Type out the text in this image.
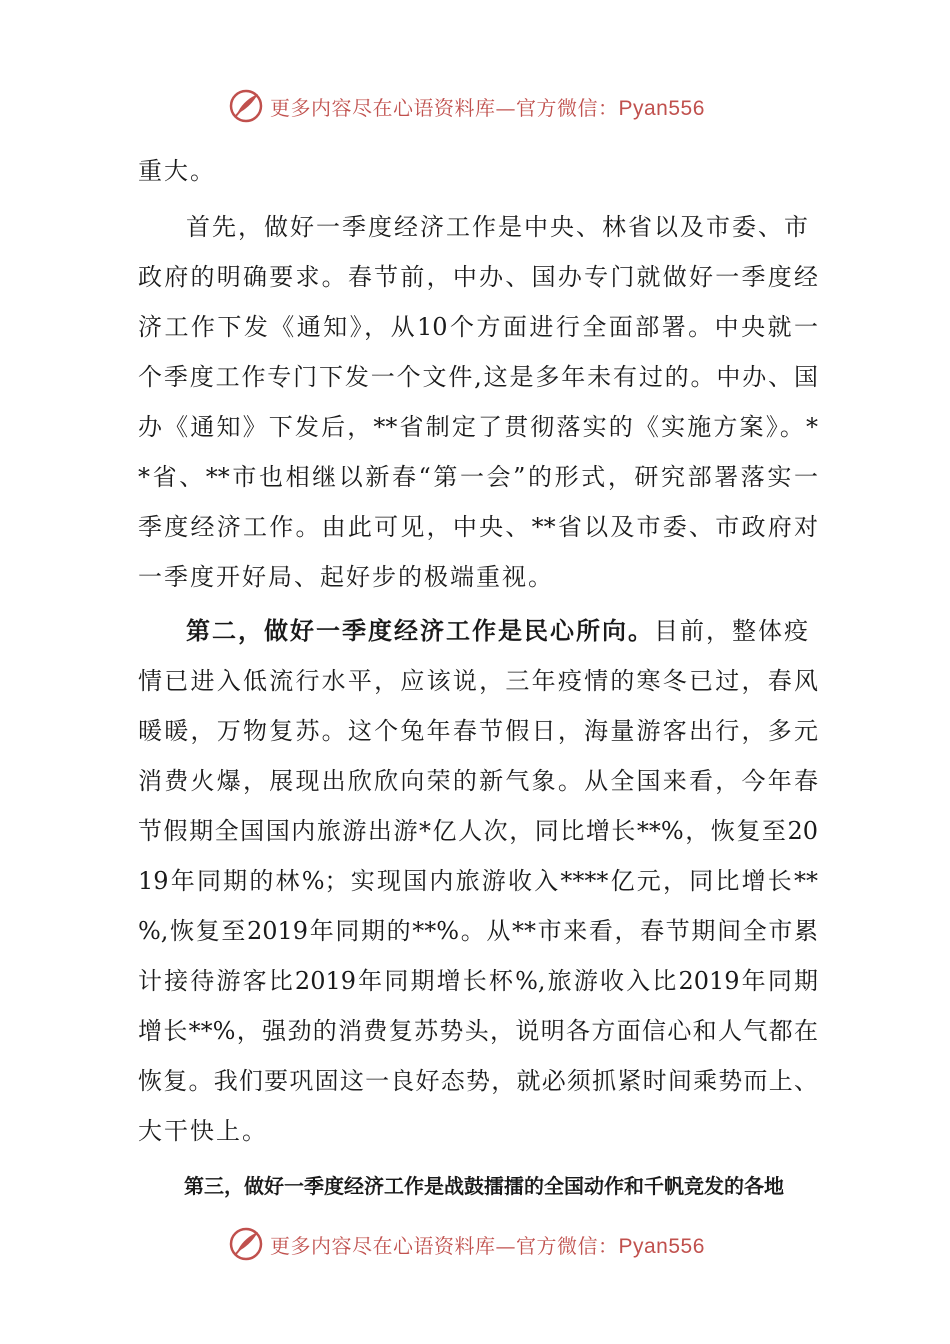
更多内容尽在心语资料库—官方微信：Pyan556
重大。
首先，做好一季度经济工作是中央、林省以及市委、市
政府的明确要求。春节前，中办、国办专门就做好一季度经
济工作下发《通知》，从10个方面进行全面部署。中央就一
个季度工作专门下发一个文件,这是多年未有过的。中办、国
办《通知》下发后，**省制定了贯彻落实的《实施方案》。*
*省、**市也相继以新春“第一会”的形式，研究部署落实一
季度经济工作。由此可见，中央、**省以及市委、市政府对
一季度开好局、起好步的极端重视。
第二，做好一季度经济工作是民心所向。目前，整体疫
情已进入低流行水平，应该说，三年疫情的寒冬已过，春风
暖暖，万物复苏。这个兔年春节假日，海量游客出行，多元
消费火爆，展现出欣欣向荣的新气象。从全国来看，今年春
节假期全国国内旅游出游*亿人次，同比增长**%，恢复至20
19年同期的林%；实现国内旅游收入****亿元，同比增长**
%,恢复至2019年同期的**%。从**市来看，春节期间全市累
计接待游客比2019年同期增长杯%,旅游收入比2019年同期
增长**%，强劲的消费复苏势头，说明各方面信心和人气都在
恢复。我们要巩固这一良好态势，就必须抓紧时间乘势而上、
大干快上。
第三，做好一季度经济工作是战鼓擂擂的全国动作和千帆竞发的各地
更多内容尽在心语资料库—官方微信：Pyan556
